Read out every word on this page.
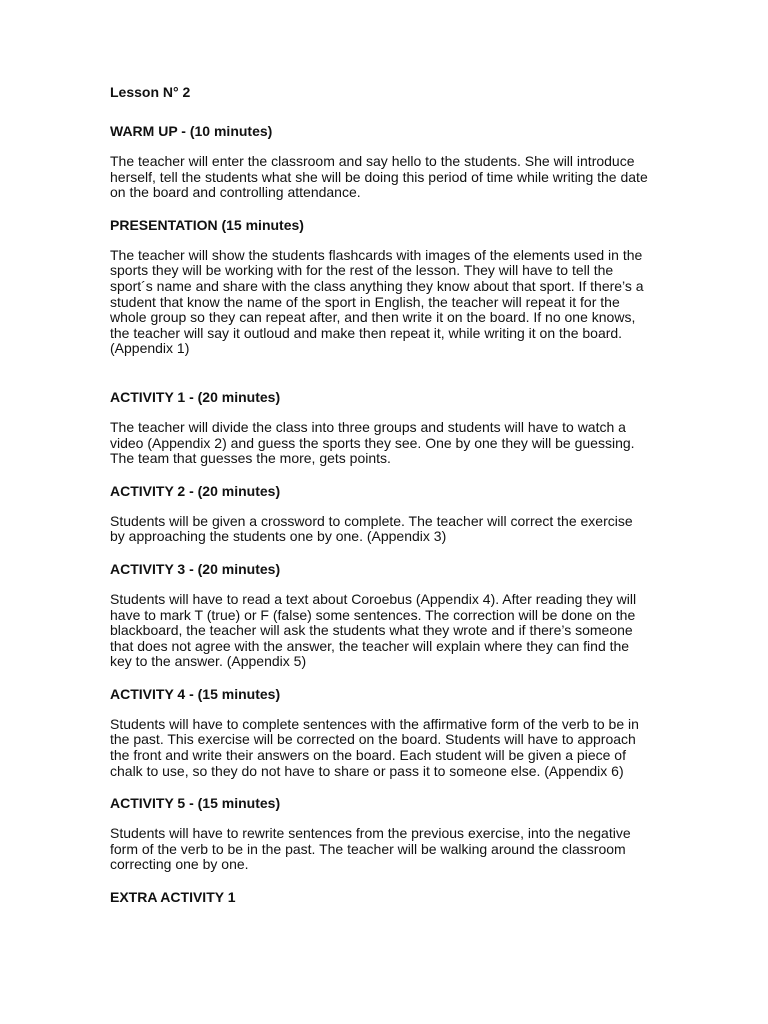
Lesson N° 2

WARM UP - (10 minutes)

The teacher will enter the classroom and say hello to the students. She will introduce
herself, tell the students what she will be doing this period of time while writing the date
on the board and controlling attendance.

PRESENTATION (15 minutes)

The teacher will show the students flashcards with images of the elements used in the
sports they will be working with for the rest of the lesson. They will have to tell the
sport´s name and share with the class anything they know about that sport. If there’s a
student that know the name of the sport in English, the teacher will repeat it for the
whole group so they can repeat after, and then write it on the board. If no one knows,
the teacher will say it outloud and make then repeat it, while writing it on the board.
(Appendix 1)

ACTIVITY 1 - (20 minutes)

The teacher will divide the class into three groups and students will have to watch a
video (Appendix 2) and guess the sports they see. One by one they will be guessing.
The team that guesses the more, gets points.

ACTIVITY 2 - (20 minutes)

Students will be given a crossword to complete. The teacher will correct the exercise
by approaching the students one by one. (Appendix 3)

ACTIVITY 3 - (20 minutes)

Students will have to read a text about Coroebus (Appendix 4). After reading they will
have to mark T (true) or F (false) some sentences. The correction will be done on the
blackboard, the teacher will ask the students what they wrote and if there’s someone
that does not agree with the answer, the teacher will explain where they can find the
key to the answer. (Appendix 5)

ACTIVITY 4 - (15 minutes)

Students will have to complete sentences with the affirmative form of the verb to be in
the past. This exercise will be corrected on the board. Students will have to approach
the front and write their answers on the board. Each student will be given a piece of
chalk to use, so they do not have to share or pass it to someone else. (Appendix 6)

ACTIVITY 5 - (15 minutes)

Students will have to rewrite sentences from the previous exercise, into the negative
form of the verb to be in the past. The teacher will be walking around the classroom
correcting one by one.

EXTRA ACTIVITY 1
